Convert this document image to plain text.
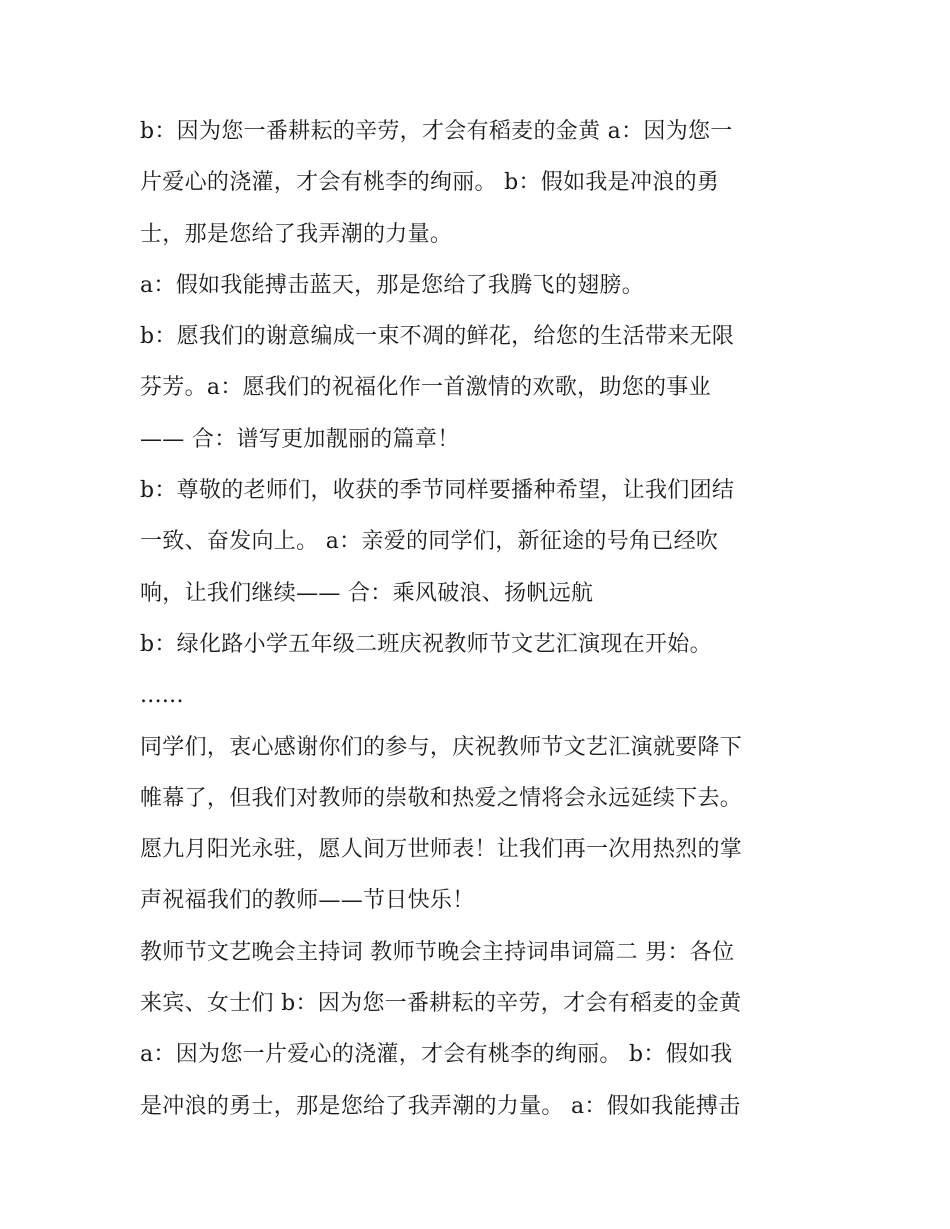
b：因为您一番耕耘的辛劳，才会有稻麦的金黄 a：因为您一
片爱心的浇灌，才会有桃李的绚丽。 b：假如我是冲浪的勇
士，那是您给了我弄潮的力量。
a：假如我能搏击蓝天，那是您给了我腾飞的翅膀。
b：愿我们的谢意编成一束不凋的鲜花，给您的生活带来无限
芬芳。a：愿我们的祝福化作一首激情的欢歌，助您的事业
—— 合：谱写更加靓丽的篇章！
b：尊敬的老师们，收获的季节同样要播种希望，让我们团结
一致、奋发向上。 a：亲爱的同学们，新征途的号角已经吹
响，让我们继续—— 合：乘风破浪、扬帆远航
b：绿化路小学五年级二班庆祝教师节文艺汇演现在开始。
......
同学们，衷心感谢你们的参与，庆祝教师节文艺汇演就要降下
帷幕了，但我们对教师的崇敬和热爱之情将会永远延续下去。
愿九月阳光永驻，愿人间万世师表！让我们再一次用热烈的掌
声祝福我们的教师——节日快乐！
教师节文艺晚会主持词 教师节晚会主持词串词篇二 男：各位
来宾、女士们 b：因为您一番耕耘的辛劳，才会有稻麦的金黄
a：因为您一片爱心的浇灌，才会有桃李的绚丽。 b：假如我
是冲浪的勇士，那是您给了我弄潮的力量。 a：假如我能搏击
